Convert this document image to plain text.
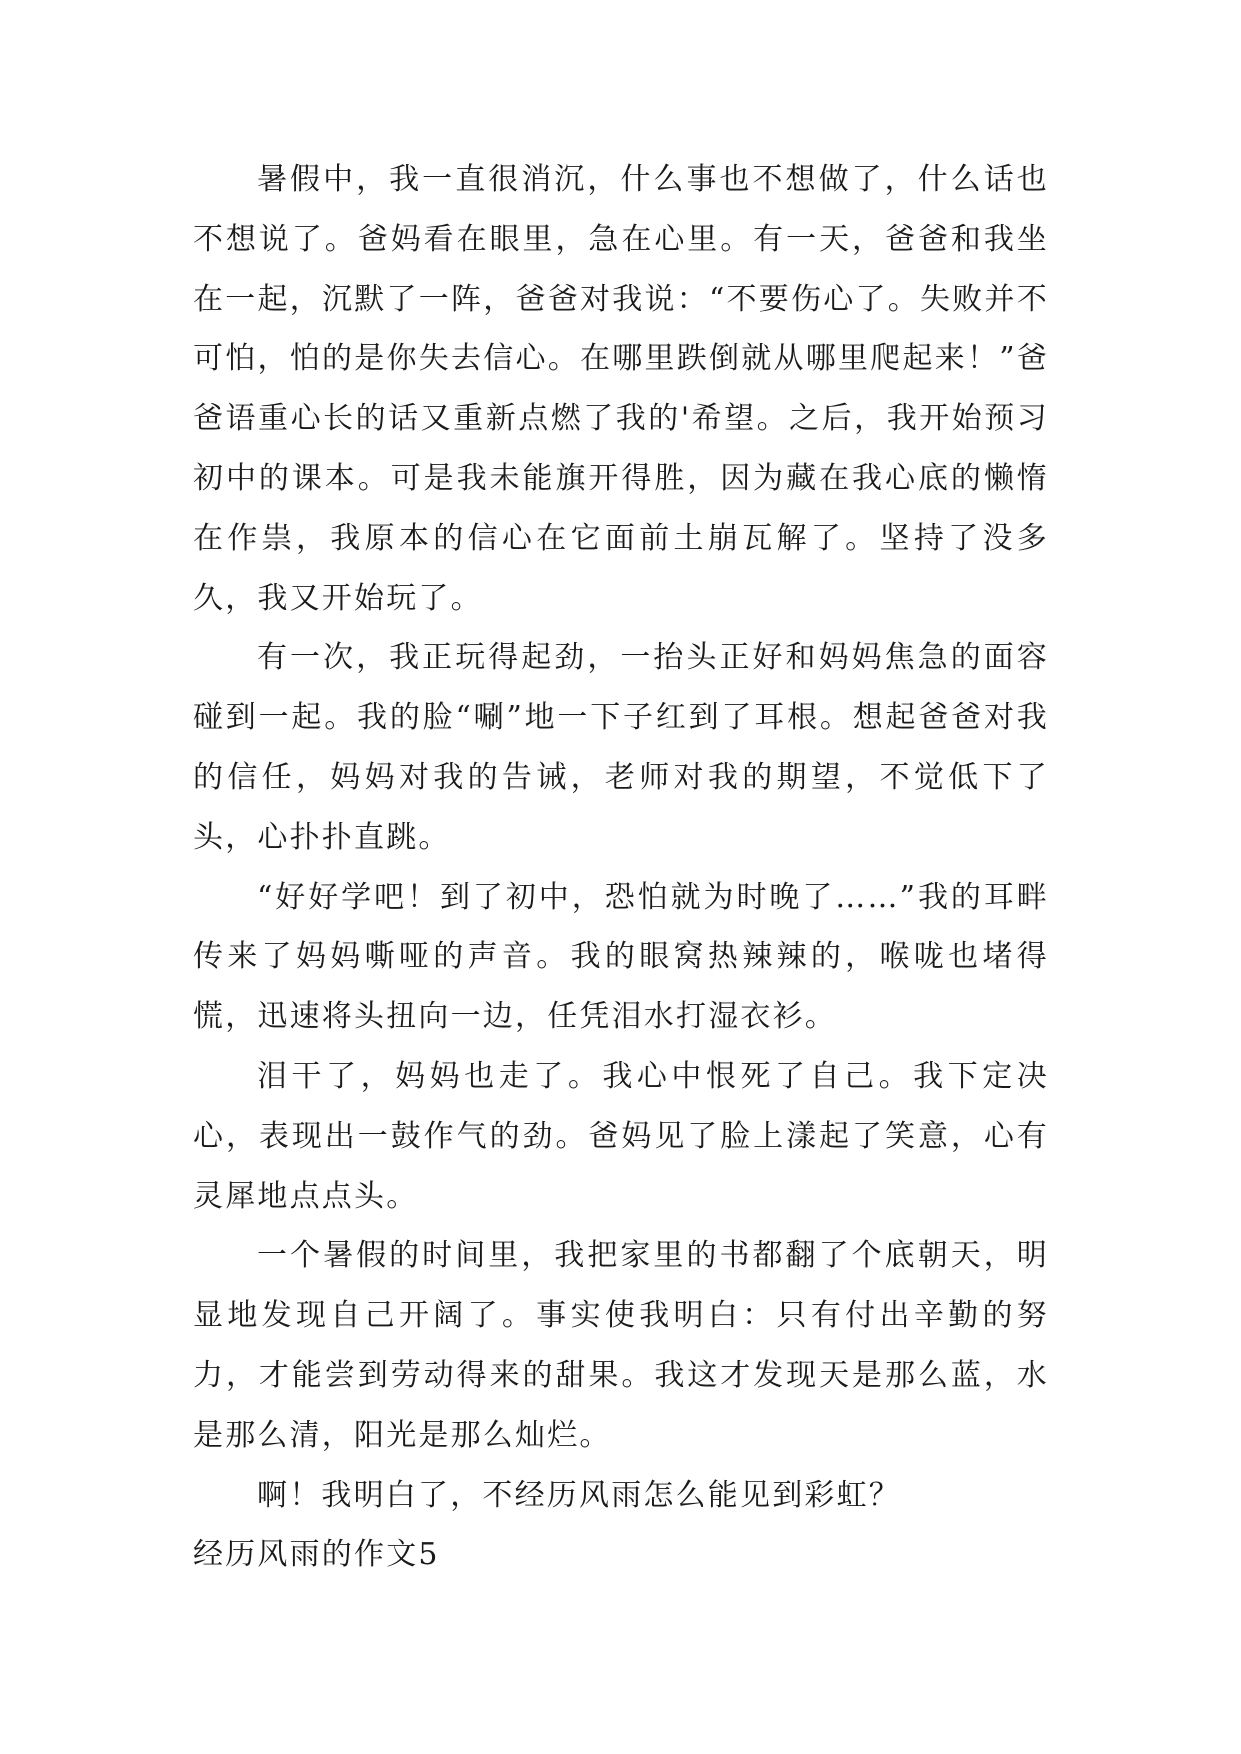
暑假中，我一直很消沉，什么事也不想做了，什么话也不想说了。爸妈看在眼里，急在心里。有一天，爸爸和我坐在一起，沉默了一阵，爸爸对我说：“不要伤心了。失败并不可怕，怕的是你失去信心。在哪里跌倒就从哪里爬起来！”爸爸语重心长的话又重新点燃了我的'希望。之后，我开始预习初中的课本。可是我未能旗开得胜，因为藏在我心底的懒惰在作祟，我原本的信心在它面前土崩瓦解了。坚持了没多久，我又开始玩了。

有一次，我正玩得起劲，一抬头正好和妈妈焦急的面容碰到一起。我的脸“唰”地一下子红到了耳根。想起爸爸对我的信任，妈妈对我的告诫，老师对我的期望，不觉低下了头，心扑扑直跳。

“好好学吧！到了初中，恐怕就为时晚了……”我的耳畔传来了妈妈嘶哑的声音。我的眼窝热辣辣的，喉咙也堵得慌，迅速将头扭向一边，任凭泪水打湿衣衫。

泪干了，妈妈也走了。我心中恨死了自己。我下定决心，表现出一鼓作气的劲。爸妈见了脸上漾起了笑意，心有灵犀地点点头。

一个暑假的时间里，我把家里的书都翻了个底朝天，明显地发现自己开阔了。事实使我明白：只有付出辛勤的努力，才能尝到劳动得来的甜果。我这才发现天是那么蓝，水是那么清，阳光是那么灿烂。

啊！我明白了，不经历风雨怎么能见到彩虹？

经历风雨的作文5
